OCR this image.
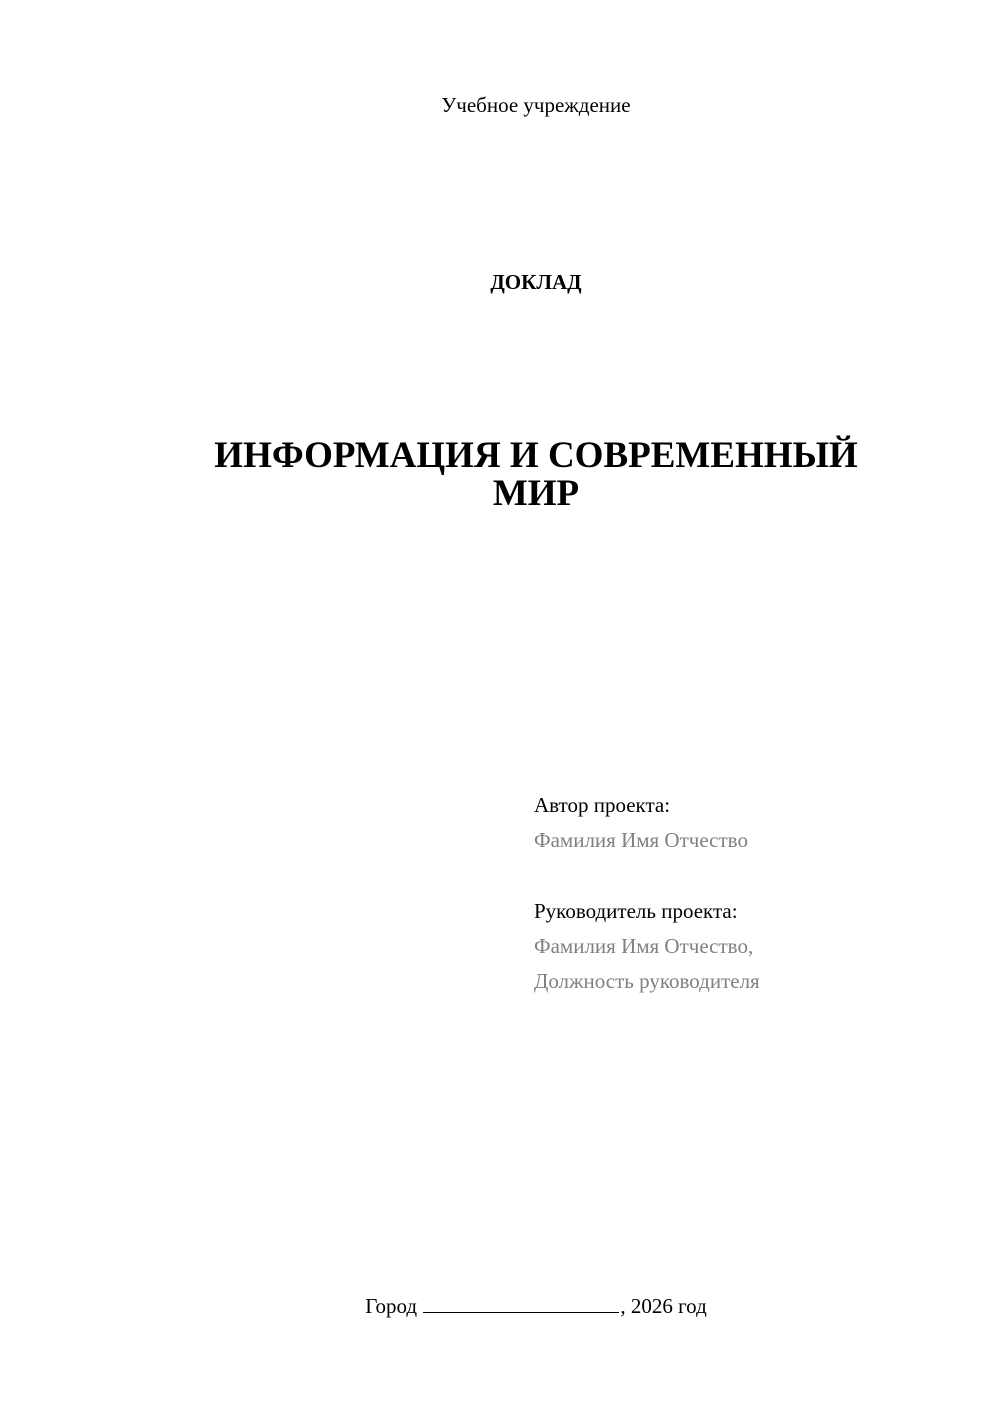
Учебное учреждение
ДОКЛАД
ИНФОРМАЦИЯ И СОВРЕМЕННЫЙ
МИР
Автор проекта:
Фамилия Имя Отчество
Руководитель проекта:
Фамилия Имя Отчество,
Должность руководителя
Город	, 2026 год
